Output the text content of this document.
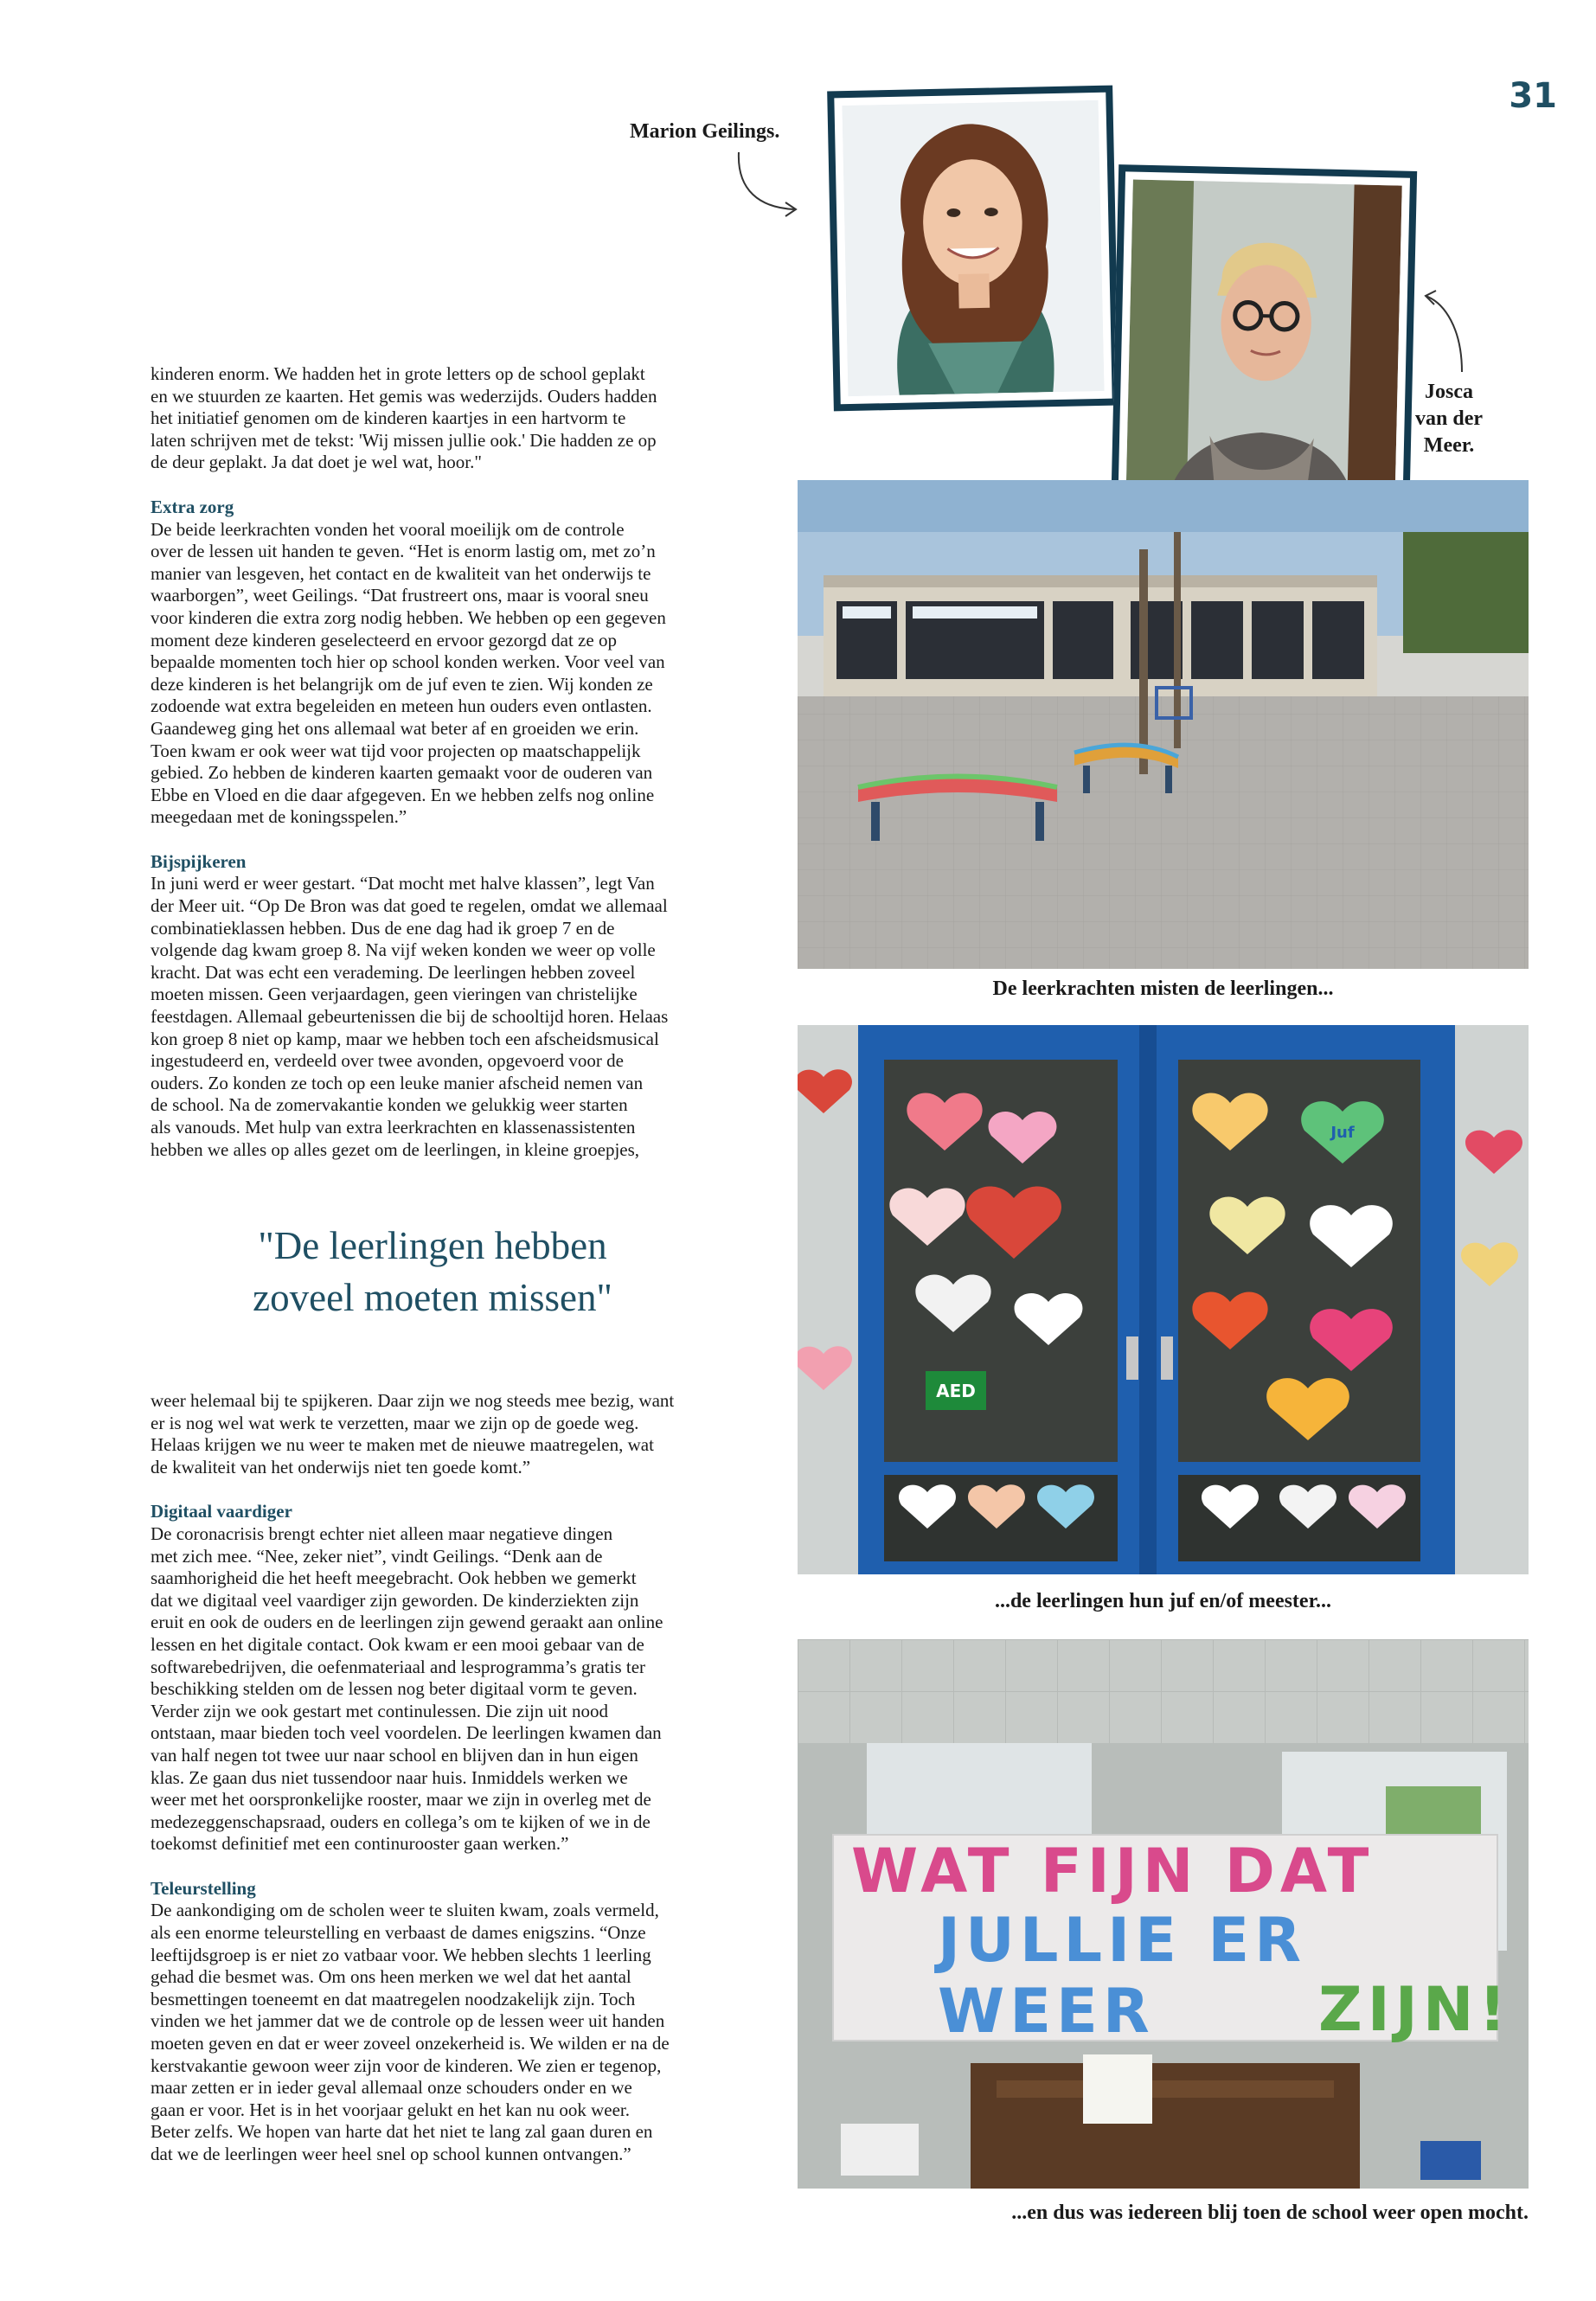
31
Marion Geilings.
Josca
van der
Meer.

kinderen enorm. We hadden het in grote letters op de school geplakt

en we stuurden ze kaarten. Het gemis was wederzijds. Ouders hadden

het initiatief genomen om de kinderen kaartjes in een hartvorm te

laten schrijven met de tekst: 'Wij missen jullie ook.' Die hadden ze op

de deur geplakt. Ja dat doet je wel wat, hoor."

Extra zorg

De beide leerkrachten vonden het vooral moeilijk om de controle

over de lessen uit handen te geven. “Het is enorm lastig om, met zo’n

manier van lesgeven, het contact en de kwaliteit van het onderwijs te

waarborgen”, weet Geilings. “Dat frustreert ons, maar is vooral sneu

voor kinderen die extra zorg nodig hebben. We hebben op een gegeven

moment deze kinderen geselecteerd en ervoor gezorgd dat ze op

bepaalde momenten toch hier op school konden werken. Voor veel van

deze kinderen is het belangrijk om de juf even te zien. Wij konden ze

zodoende wat extra begeleiden en meteen hun ouders even ontlasten.

Gaandeweg ging het ons allemaal wat beter af en groeiden we erin.

Toen kwam er ook weer wat tijd voor projecten op maatschappelijk

gebied. Zo hebben de kinderen kaarten gemaakt voor de ouderen van

Ebbe en Vloed en die daar afgegeven. En we hebben zelfs nog online

meegedaan met de koningsspelen.”

Bijspijkeren

In juni werd er weer gestart. “Dat mocht met halve klassen”, legt Van

der Meer uit. “Op De Bron was dat goed te regelen, omdat we allemaal

combinatieklassen hebben. Dus de ene dag had ik groep 7 en de

volgende dag kwam groep 8. Na vijf weken konden we weer op volle

kracht. Dat was echt een verademing. De leerlingen hebben zoveel

moeten missen. Geen verjaardagen, geen vieringen van christelijke

feestdagen. Allemaal gebeurtenissen die bij de schooltijd horen. Helaas

kon groep 8 niet op kamp, maar we hebben toch een afscheidsmusical

ingestudeerd en, verdeeld over twee avonden, opgevoerd voor de

ouders. Zo konden ze toch op een leuke manier afscheid nemen van

de school. Na de zomervakantie konden we gelukkig weer starten

als vanouds. Met hulp van extra leerkrachten en klassenassistenten

hebben we alles op alles gezet om de leerlingen, in kleine groepjes,

"De leerlingen hebben
zoveel moeten missen"

weer helemaal bij te spijkeren. Daar zijn we nog steeds mee bezig, want

er is nog wel wat werk te verzetten, maar we zijn op de goede weg.

Helaas krijgen we nu weer te maken met de nieuwe maatregelen, wat

de kwaliteit van het onderwijs niet ten goede komt.”

Digitaal vaardiger

De coronacrisis brengt echter niet alleen maar negatieve dingen

met zich mee. “Nee, zeker niet”, vindt Geilings. “Denk aan de

saamhorigheid die het heeft meegebracht. Ook hebben we gemerkt

dat we digitaal veel vaardiger zijn geworden. De kinderziekten zijn

eruit en ook de ouders en de leerlingen zijn gewend geraakt aan online

lessen en het digitale contact. Ook kwam er een mooi gebaar van de

softwarebedrijven, die oefenmateriaal and lesprogramma’s gratis ter

beschikking stelden om de lessen nog beter digitaal vorm te geven.

Verder zijn we ook gestart met continulessen. Die zijn uit nood

ontstaan, maar bieden toch veel voordelen. De leerlingen kwamen dan

van half negen tot twee uur naar school en blijven dan in hun eigen

klas. Ze gaan dus niet tussendoor naar huis. Inmiddels werken we

weer met het oorspronkelijke rooster, maar we zijn in overleg met de

medezeggenschapsraad, ouders en collega’s om te kijken of we in de

toekomst definitief met een continurooster gaan werken.”

Teleurstelling

De aankondiging om de scholen weer te sluiten kwam, zoals vermeld,

als een enorme teleurstelling en verbaast de dames enigszins. “Onze

leeftijdsgroep is er niet zo vatbaar voor. We hebben slechts 1 leerling

gehad die besmet was. Om ons heen merken we wel dat het aantal

besmettingen toeneemt en dat maatregelen noodzakelijk zijn. Toch

vinden we het jammer dat we de controle op de lessen weer uit handen

moeten geven en dat er weer zoveel onzekerheid is. We wilden er na de

kerstvakantie gewoon weer zijn voor de kinderen. We zien er tegenop,

maar zetten er in ieder geval allemaal onze schouders onder en we

gaan er voor. Het is in het voorjaar gelukt en het kan nu ook weer.

Beter zelfs. We hopen van harte dat het niet te lang zal gaan duren en

dat we de leerlingen weer heel snel op school kunnen ontvangen.”

De leerkrachten misten de leerlingen...
AED
Juf
...de leerlingen hun juf en/of meester...
WAT FIJN DAT
JULLIE ER WEER	ZIJN!
...en dus was iedereen blij toen de school weer open mocht.
